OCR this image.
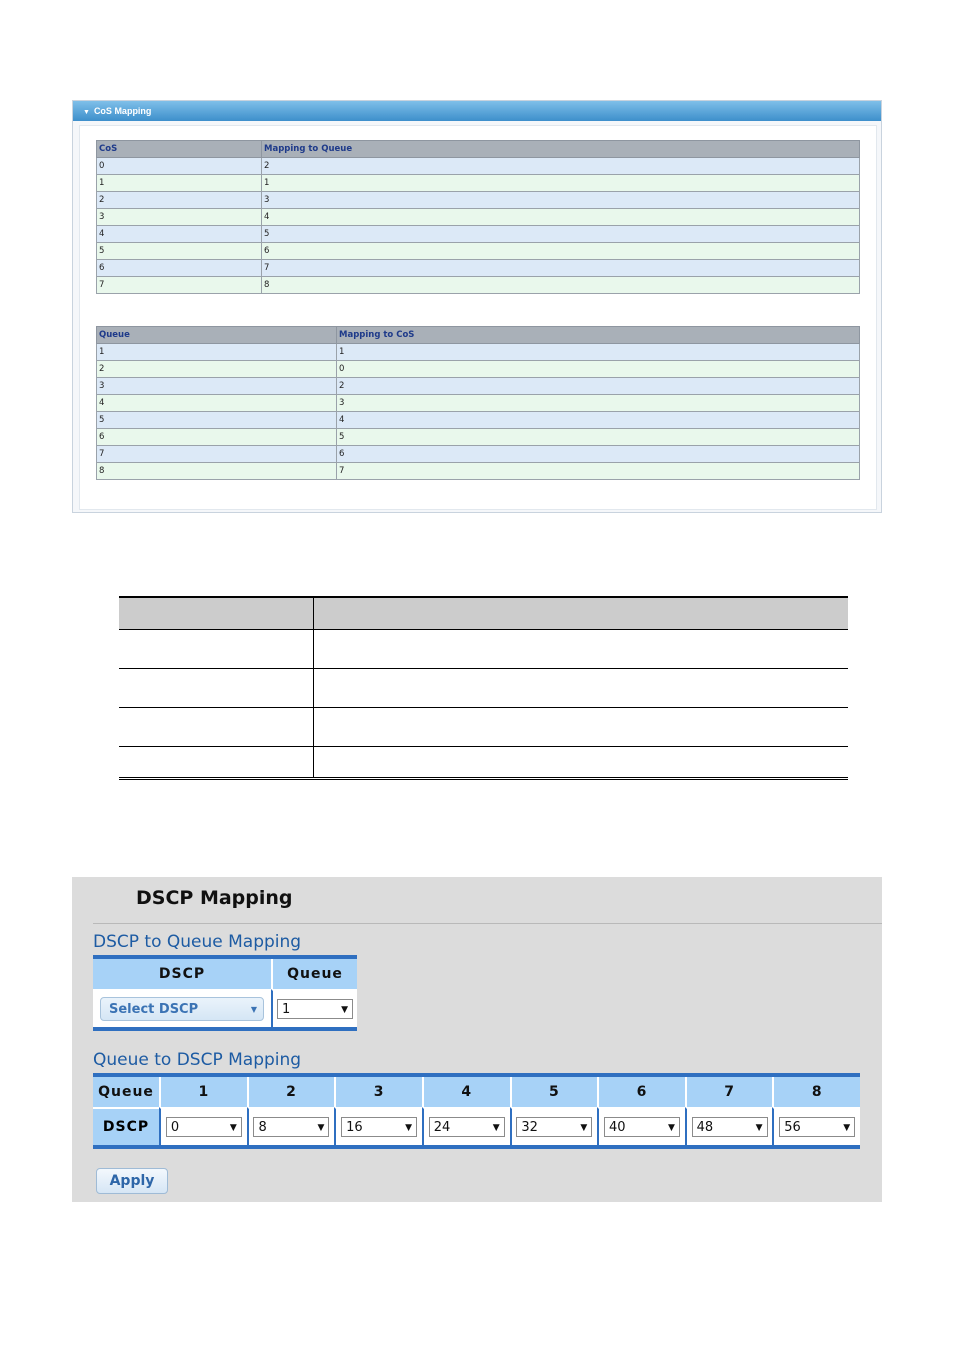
▼ CoS Mapping
CoS	Mapping to Queue
0	2
1	1
2	3
3	4
4	5
5	6
6	7
7	8
Queue	Mapping to CoS
1	1
2	0
3	2
4	3
5	4
6	5
7	6
8	7
DSCP Mapping
DSCP to Queue Mapping
DSCP	Queue
Select DSCP ▼	1 ▼
Queue to DSCP Mapping
Queue	1	2	3	4	5	6	7	8
DSCP	0 ▼	8 ▼	16 ▼	24 ▼	32 ▼	40 ▼	48 ▼	56 ▼
Apply
